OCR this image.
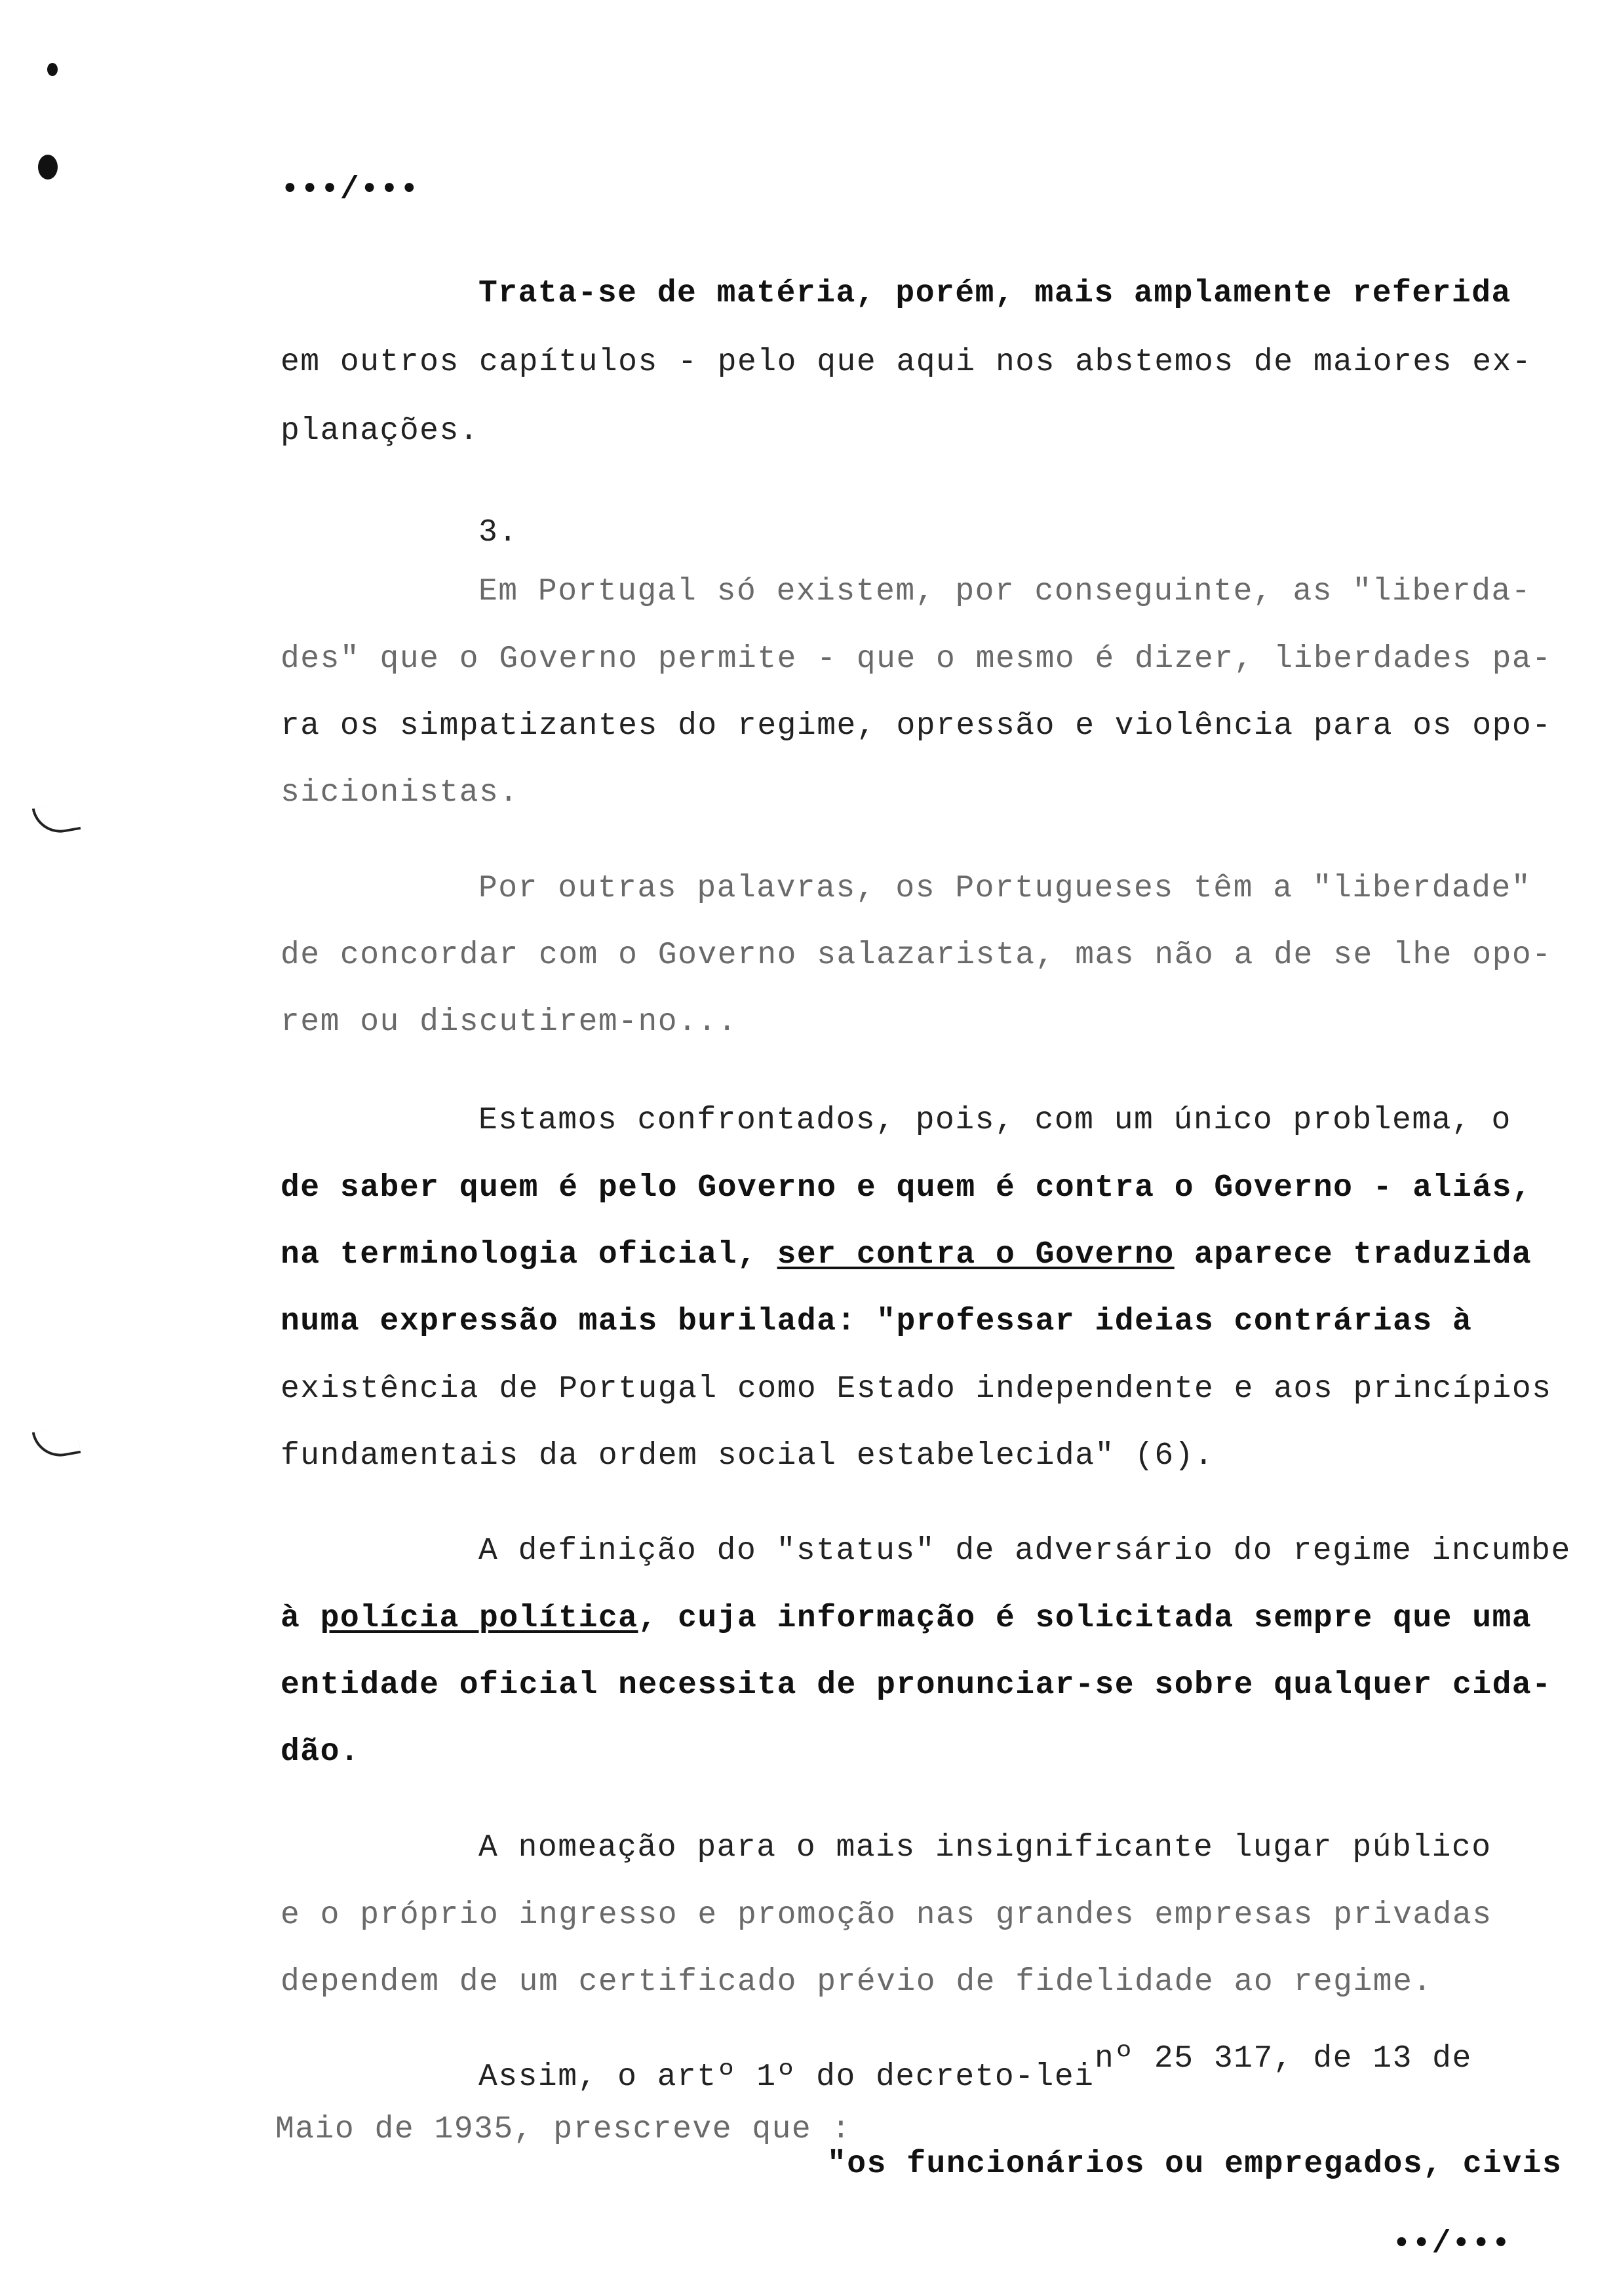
•••/•••
Trata-se de matéria, porém, mais amplamente referida
em outros capítulos - pelo que aqui nos abstemos de maiores ex-
planações.
3.
Em Portugal só existem, por conseguinte, as "liberda-
des" que o Governo permite - que o mesmo é dizer, liberdades pa-
ra os simpatizantes do regime, opressão e violência para os opo-
sicionistas.
Por outras palavras, os Portugueses têm a "liberdade"
de concordar com o Governo salazarista, mas não a de se lhe opo-
rem ou discutirem-no...
Estamos confrontados, pois, com um único problema, o
de saber quem é pelo Governo e quem é contra o Governo - aliás,
na terminologia oficial, ser contra o Governo aparece traduzida
numa expressão mais burilada: "professar ideias contrárias à
existência de Portugal como Estado independente e aos princípios
fundamentais da ordem social estabelecida" (6).
A definição do "status" de adversário do regime incumbe
à polícia política, cuja informação é solicitada sempre que uma
entidade oficial necessita de pronunciar-se sobre qualquer cida-
dão.
A nomeação para o mais insignificante lugar público
e o próprio ingresso e promoção nas grandes empresas privadas
dependem de um certificado prévio de fidelidade ao regime.
Assim, o artº 1º do decreto-lei
nº 25 317, de 13 de
Maio de 1935, prescreve que :
"os funcionários ou empregados, civis
••/•••
